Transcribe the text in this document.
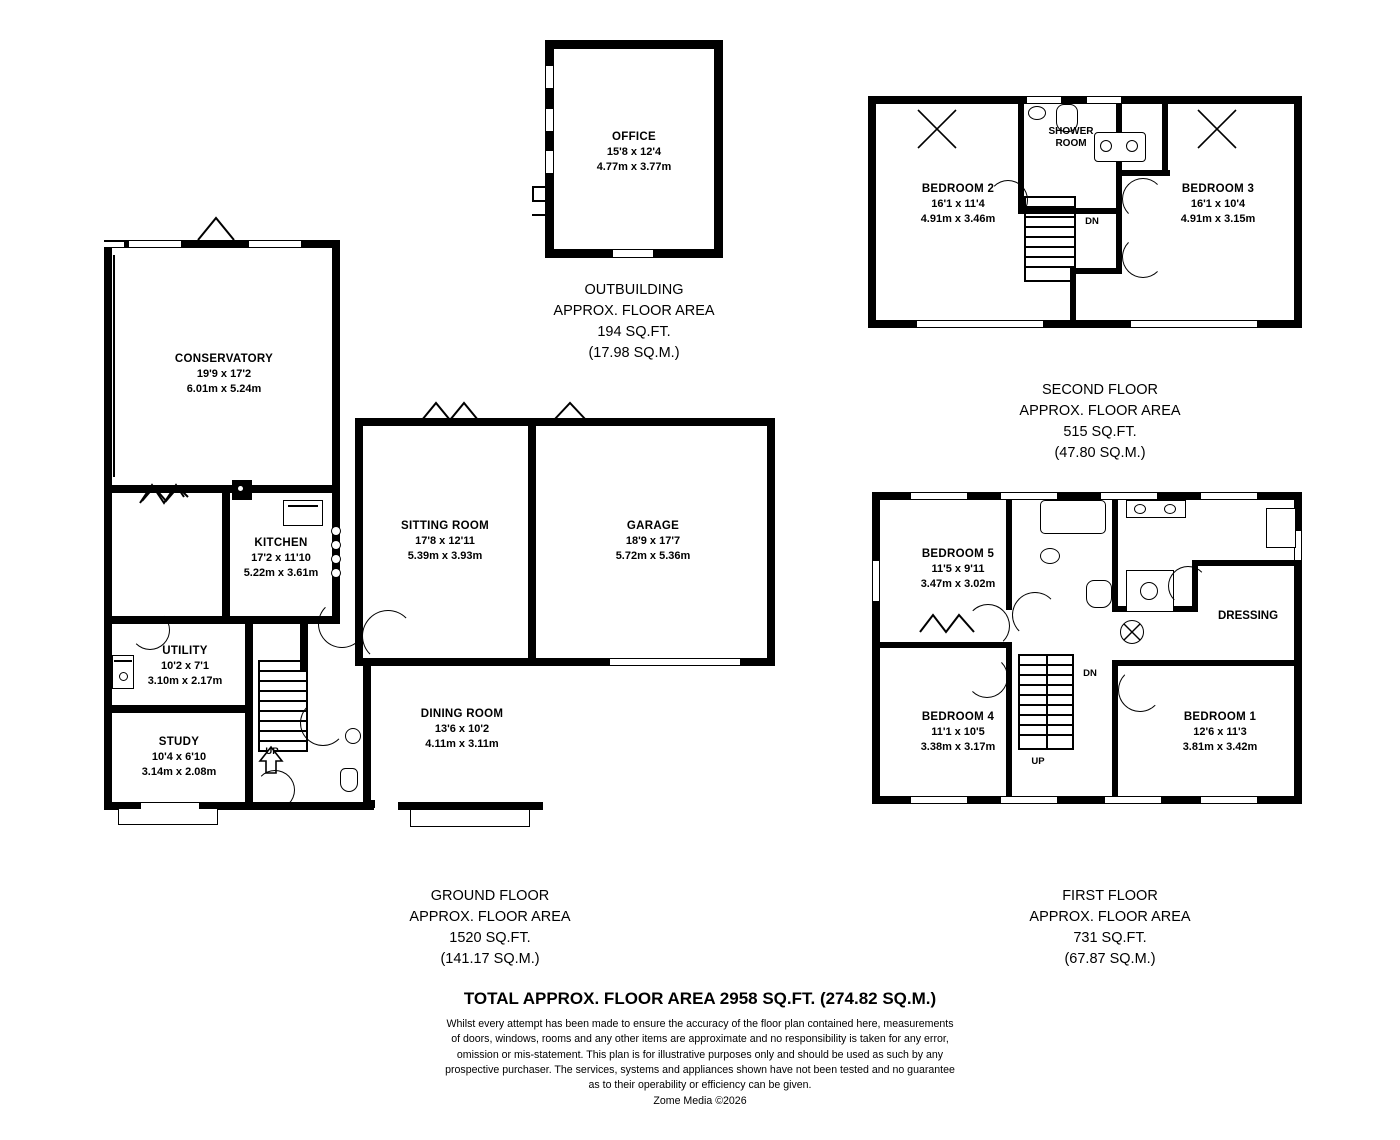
OFFICE
15'8 x 12'4
4.77m x 3.77m
OUTBUILDING
APPROX. FLOOR AREA
194 SQ.FT.
(17.98 SQ.M.)
UP
CONSERVATORY
19'9 x 17'2
6.01m x 5.24m
KITCHEN
17'2 x 11'10
5.22m x 3.61m
SITTING ROOM
17'8 x 12'11
5.39m x 3.93m
GARAGE
18'9 x 17'7
5.72m x 5.36m
UTILITY
10'2 x 7'1
3.10m x 2.17m
STUDY
10'4 x 6'10
3.14m x 2.08m
DINING ROOM
13'6 x 10'2
4.11m x 3.11m
GROUND FLOOR
APPROX. FLOOR AREA
1520 SQ.FT.
(141.17 SQ.M.)
DN
BEDROOM 2
16'1 x 11'4
4.91m x 3.46m
BEDROOM 3
16'1 x 10'4
4.91m x 3.15m
SHOWER
ROOM
SECOND FLOOR
APPROX. FLOOR AREA
515 SQ.FT.
(47.80 SQ.M.)
DN
UP
BEDROOM 5
11'5 x 9'11
3.47m x 3.02m
BEDROOM 4
11'1 x 10'5
3.38m x 3.17m
BEDROOM 1
12'6 x 11'3
3.81m x 3.42m
DRESSING
FIRST FLOOR
APPROX. FLOOR AREA
731 SQ.FT.
(67.87 SQ.M.)
TOTAL APPROX. FLOOR AREA 2958 SQ.FT. (274.82 SQ.M.)
Whilst every attempt has been made to ensure the accuracy of the floor plan contained here, measurements
of doors, windows, rooms and any other items are approximate and no responsibility is taken for any error,
omission or mis-statement. This plan is for illustrative purposes only and should be used as such by any
prospective purchaser. The services, systems and appliances shown have not been tested and no guarantee
as to their operability or efficiency can be given.
Zome Media ©2026
